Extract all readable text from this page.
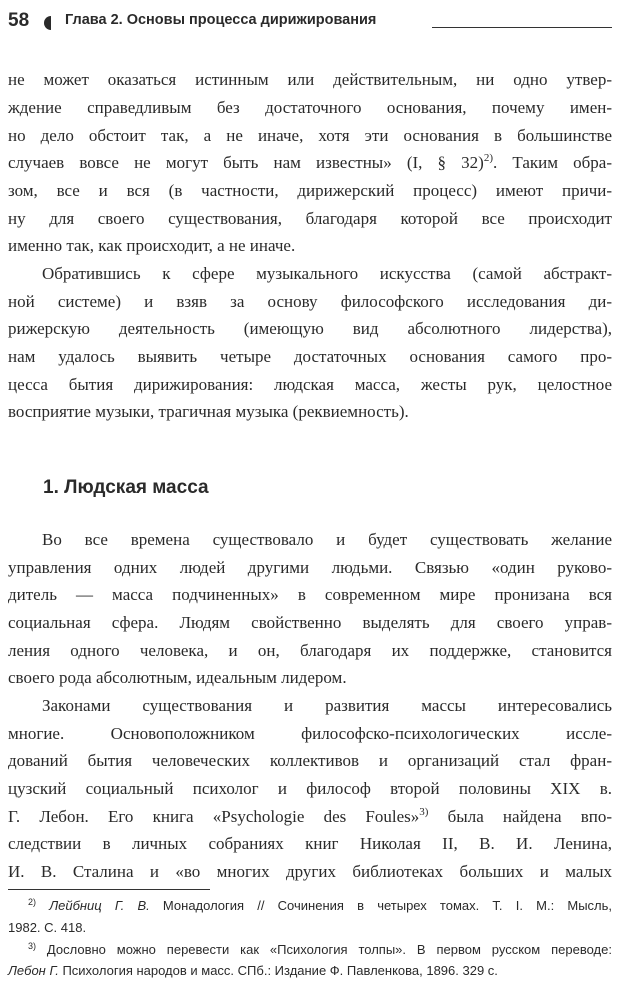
58 Глава 2. Основы процесса дирижирования
не может оказаться истинным или действительным, ни одно утвер-
ждение справедливым без достаточного основания, почему имен-
но дело обстоит так, а не иначе, хотя эти основания в большинстве
случаев вовсе не могут быть нам известны» (I, § 32)$^{2)}$. Таким обра-
зом, все и вся (в частности, дирижерский процесс) имеют причи-
ну для своего существования, благодаря которой все происходит
именно так, как происходит, а не иначе.
Обратившись к сфере музыкального искусства (самой абстракт-
ной системе) и взяв за основу философского исследования ди-
рижерскую деятельность (имеющую вид абсолютного лидерства),
нам удалось выявить четыре достаточных основания самого про-
цесса бытия дирижирования: людская масса, жесты рук, целостное
восприятие музыки, трагичная музыка (реквиемность).
1. Людская масса
Во все времена существовало и будет существовать желание
управления одних людей другими людьми. Связью «один руково-
дитель — масса подчиненных» в современном мире пронизана вся
социальная сфера. Людям свойственно выделять для своего управ-
ления одного человека, и он, благодаря их поддержке, становится
своего рода абсолютным, идеальным лидером.
Законами существования и развития массы интересовались
многие. Основоположником философско-психологических иссле-
дований бытия человеческих коллективов и организаций стал фран-
цузский социальный психолог и философ второй половины XIX в.
Г. Лебон. Его книга «Psychologie des Foules»$^{3)}$ была найдена впо-
следствии в личных собраниях книг Николая II, В. И. Ленина,
И. В. Сталина и «во многих других библиотеках больших и малых
$^{2)}$ Лейбниц Г. В. Монадология // Сочинения в четырех томах. Т. I. М.: Мысль,
1982. С. 418.
$^{3)}$ Дословно можно перевести как «Психология толпы». В первом русском переводе:
Лебон Г. Психология народов и масс. СПб.: Издание Ф. Павленкова, 1896. 329 с.
